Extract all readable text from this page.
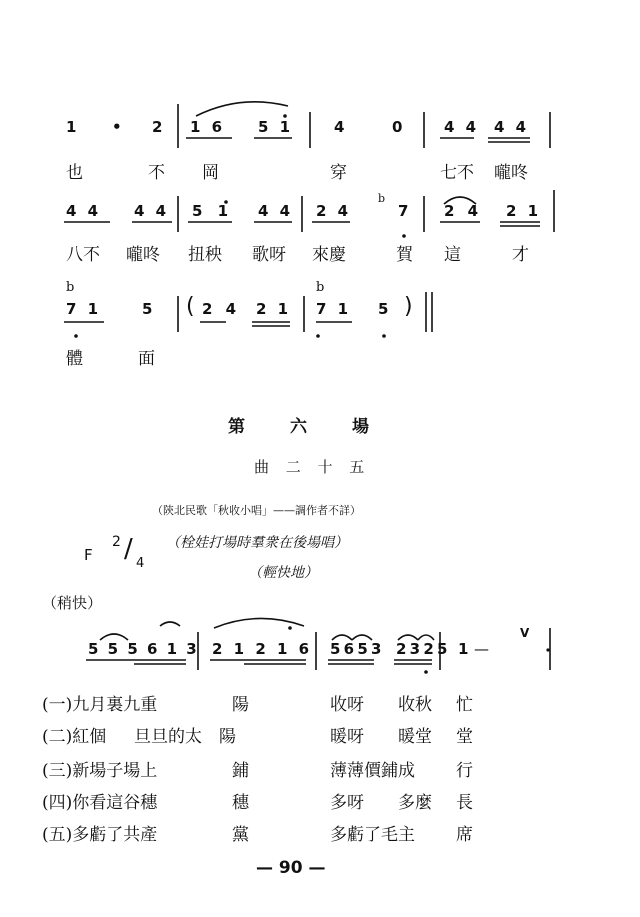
1 • 2 1 6 5 1	4	0	4 4 4 4
也	不 岡	穿	七不 嚨咚
4 4 4 4 5 1 4 4 2 4
b
7 2 4 2 1
八不 嚨咚 扭秧 歌呀 來慶	賀 這	才
b	b
7 1	5 ( 2 4 2 1 7 1 5 )
體	面
第　六　場
曲 二 十 五
（陝北民歌「秋收小唱」——調作者不詳）
F
2 / 4
（栓娃打場時羣衆在後場唱）
（輕快地）
（稍快）
5 5 5 6 1 3 2 1 2 1 6 5 6 5 3 2 3 2 5 1 —
V
(一)九月裏九重	陽	收呀 收秋 忙
(二)紅個 旦旦的太　陽	暖呀 暖堂 堂
(三)新場子場上	鋪	薄薄價鋪成 行
(四)你看這谷穗	穗	多呀 多麼 長
(五)多虧了共產	黨	多虧了毛主 席
— 90 —
